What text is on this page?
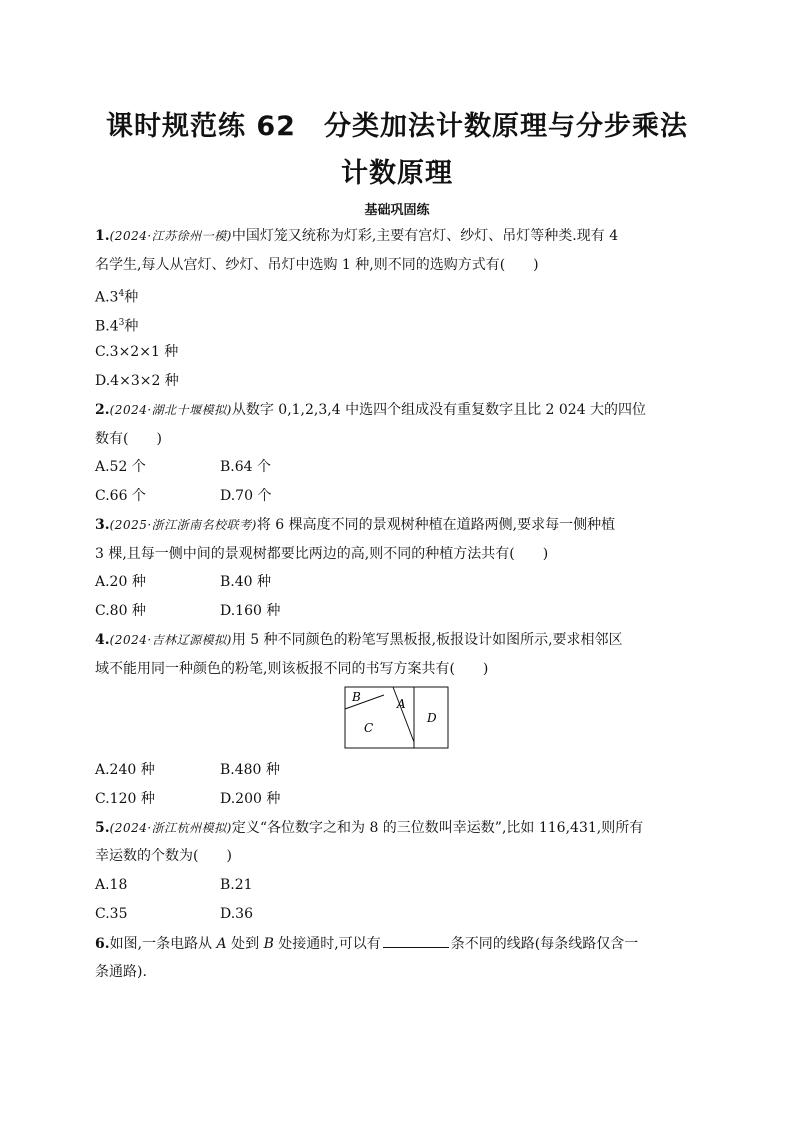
课时规范练 62　分类加法计数原理与分步乘法
计数原理
基础巩固练
1.(2024·江苏徐州一模)中国灯笼又统称为灯彩,主要有宫灯、纱灯、吊灯等种类.现有 4
名学生,每人从宫灯、纱灯、吊灯中选购 1 种,则不同的选购方式有(　　)
$A.3^4$种
$B.4^3$种
C.3×2×1 种
D.4×3×2 种
2.(2024·湖北十堰模拟)从数字 0,1,2,3,4 中选四个组成没有重复数字且比 2 024 大的四位
数有(　　)
A.52 个	B.64 个
C.66 个	D.70 个
3.(2025·浙江浙南名校联考)将 6 棵高度不同的景观树种植在道路两侧,要求每一侧种植
3 棵,且每一侧中间的景观树都要比两边的高,则不同的种植方法共有(　　)
A.20 种	B.40 种
C.80 种	D.160 种
4.(2024·吉林辽源模拟)用 5 种不同颜色的粉笔写黑板报,板报设计如图所示,要求相邻区
域不能用同一种颜色的粉笔,则该板报不同的书写方案共有(　　)
B	A
C
D
A.240 种	B.480 种
C.120 种	D.200 种
5.(2024·浙江杭州模拟)定义“各位数字之和为 8 的三位数叫幸运数”,比如 116,431,则所有
幸运数的个数为(　　)
A.18	B.21
C.35	D.36
6.如图,一条电路从 A 处到 B 处接通时,可以有	条不同的线路(每条线路仅含一
条通路).
